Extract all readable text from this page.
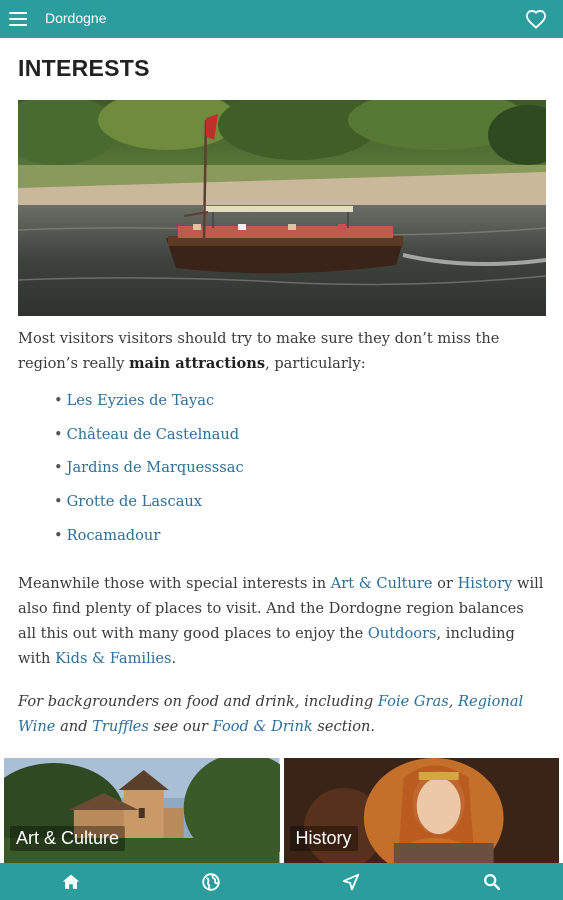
Dordogne
INTERESTS

Most visitors visitors should try to make sure they don’t miss the region’s really main attractions, particularly:

• Les Eyzies de Tayac
• Château de Castelnaud
• Jardins de Marquesssac
• Grotte de Lascaux
• Rocamadour

Meanwhile those with special interests in Art & Culture or History will also find plenty of places to visit. And the Dordogne region balances all this out with many good places to enjoy the Outdoors, including with Kids & Families.

For backgrounders on food and drink, including Foie Gras, Regional Wine and Truffles see our Food & Drink section.

Art & Culture	History
